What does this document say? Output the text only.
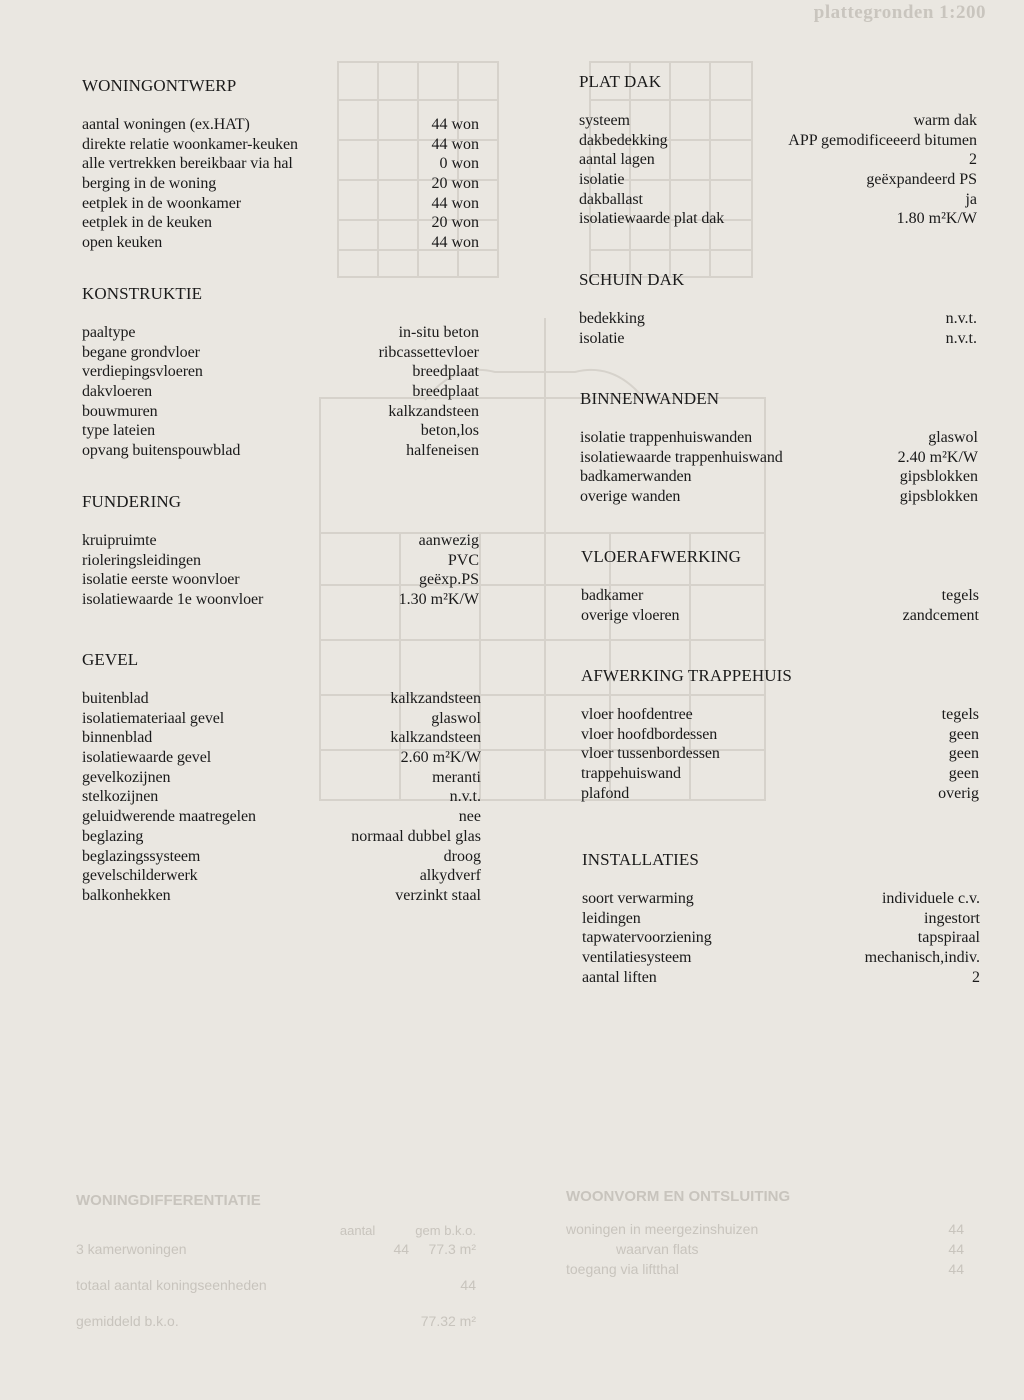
plattegronden 1:200
WONINGDIFFERENTIATIE
aantal	gem b.k.o.
3 kamerwoningen	44 77.3 m²
totaal aantal koningseenheden	44
gemiddeld b.k.o.	77.32 m²
WOONVORM EN ONTSLUITING
woningen in meergezinshuizen	44
waarvan flats	44
toegang via liftthal	44
WONINGONTWERP
aantal woningen (ex.HAT)	44 won
direkte relatie woonkamer-keuken	44 won
alle vertrekken bereikbaar via hal	0 won
berging in de woning	20 won
eetplek in de woonkamer	44 won
eetplek in de keuken	20 won
open keuken	44 won
KONSTRUKTIE
paaltype	in-situ beton
begane grondvloer	ribcassettevloer
verdiepingsvloeren	breedplaat
dakvloeren	breedplaat
bouwmuren	kalkzandsteen
type lateien	beton,los
opvang buitenspouwblad	halfeneisen
FUNDERING
kruipruimte	aanwezig
rioleringsleidingen	PVC
isolatie eerste woonvloer	geëxp.PS
isolatiewaarde 1e woonvloer	1.30 m²K/W
GEVEL
buitenblad	kalkzandsteen
isolatiemateriaal gevel	glaswol
binnenblad	kalkzandsteen
isolatiewaarde gevel	2.60 m²K/W
gevelkozijnen	meranti
stelkozijnen	n.v.t.
geluidwerende maatregelen	nee
beglazing	normaal dubbel glas
beglazingssysteem	droog
gevelschilderwerk	alkydverf
balkonhekken	verzinkt staal
PLAT DAK
systeem	warm dak
dakbedekking	APP gemodificeeerd bitumen
aantal lagen	2
isolatie	geëxpandeerd PS
dakballast	ja
isolatiewaarde plat dak	1.80 m²K/W
SCHUIN DAK
bedekking	n.v.t.
isolatie	n.v.t.
BINNENWANDEN
isolatie trappenhuiswanden	glaswol
isolatiewaarde trappenhuiswand	2.40 m²K/W
badkamerwanden	gipsblokken
overige wanden	gipsblokken
VLOERAFWERKING
badkamer	tegels
overige vloeren	zandcement
AFWERKING TRAPPEHUIS
vloer hoofdentree	tegels
vloer hoofdbordessen	geen
vloer tussenbordessen	geen
trappehuiswand	geen
plafond	overig
INSTALLATIES
soort verwarming	individuele c.v.
leidingen	ingestort
tapwatervoorziening	tapspiraal
ventilatiesysteem	mechanisch,indiv.
aantal liften	2
